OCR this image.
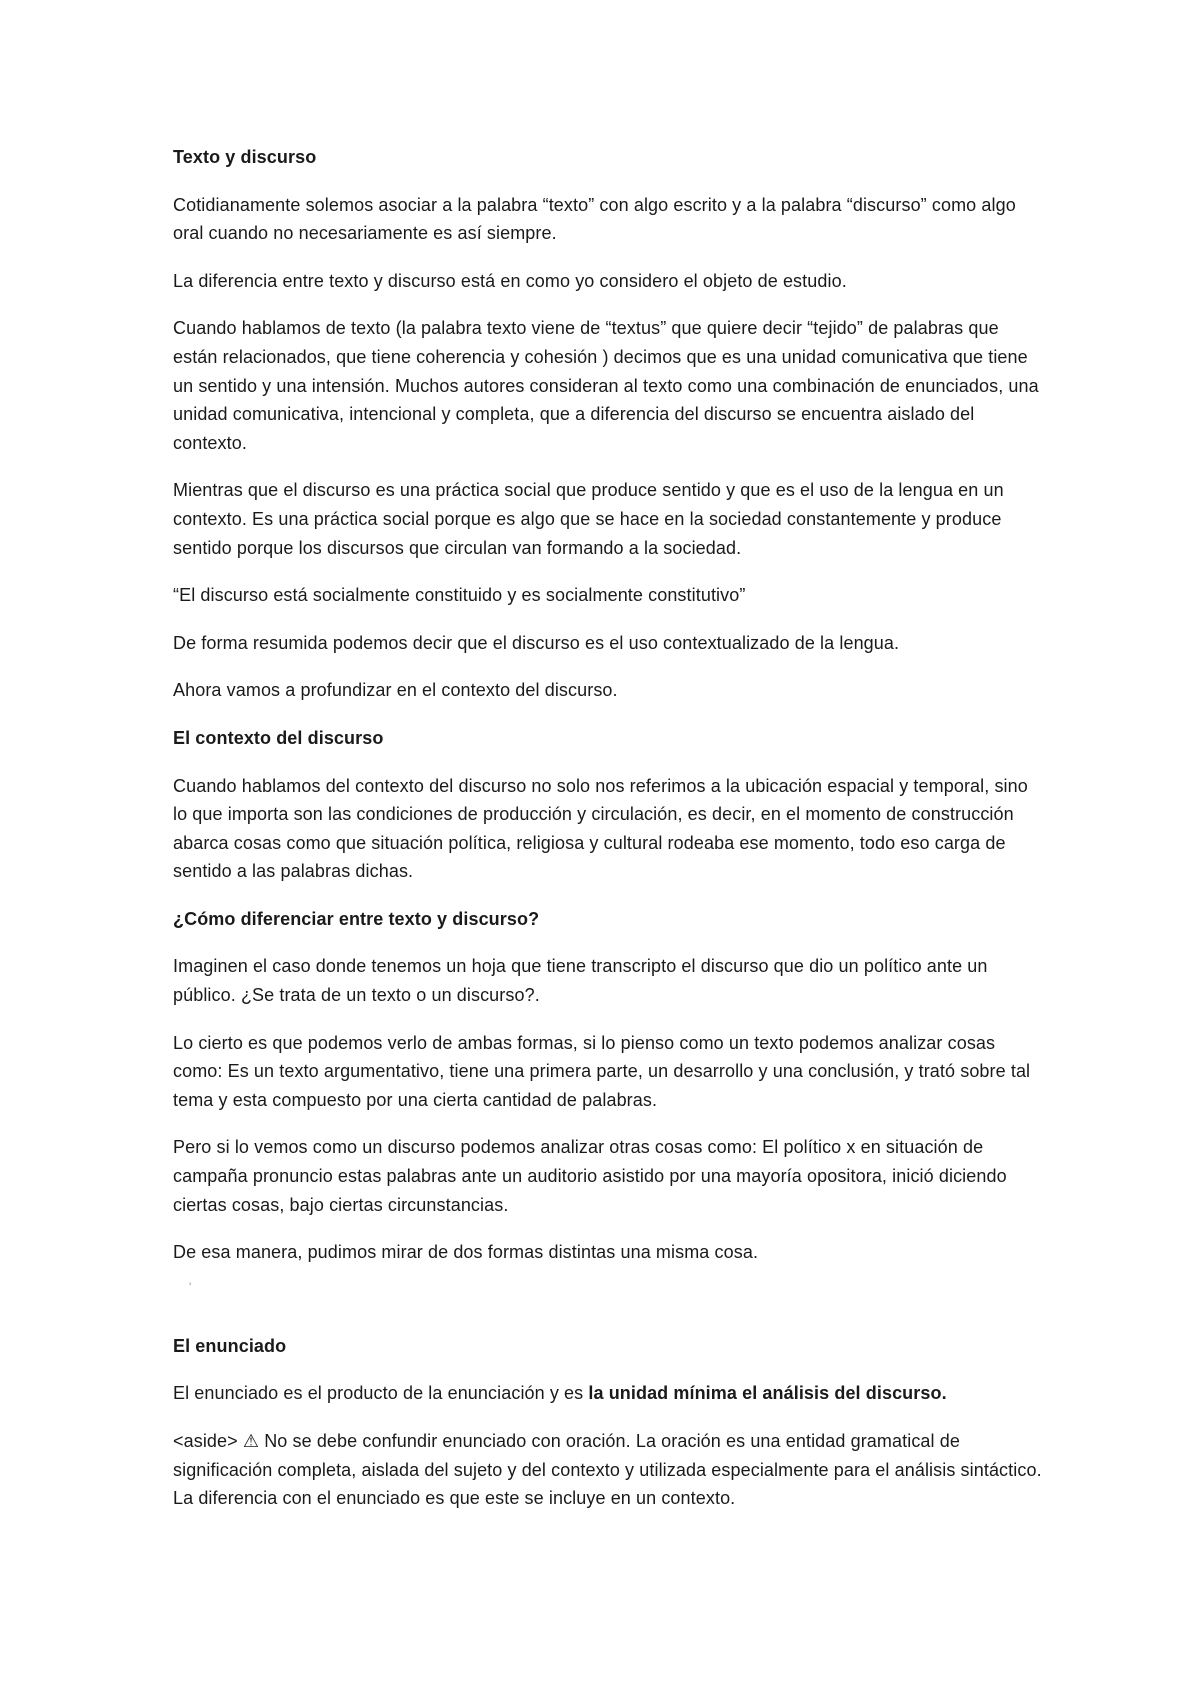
Texto y discurso

Cotidianamente solemos asociar a la palabra “texto” con algo escrito y a la palabra “discurso” como algo oral cuando no necesariamente es así siempre.

La diferencia entre texto y discurso está en como yo considero el objeto de estudio.

Cuando hablamos de texto (la palabra texto viene de “textus” que quiere decir “tejido” de palabras que están relacionados, que tiene coherencia y cohesión ) decimos que es una unidad comunicativa que tiene un sentido y una intensión. Muchos autores consideran al texto como una combinación de enunciados, una unidad comunicativa, intencional y completa, que a diferencia del discurso se encuentra aislado del contexto.

Mientras que el discurso es una práctica social que produce sentido y que es el uso de la lengua en un contexto. Es una práctica social porque es algo que se hace en la sociedad constantemente y produce sentido porque los discursos que circulan van formando a la sociedad.

“El discurso está socialmente constituido y es socialmente constitutivo”

De forma resumida podemos decir que el discurso es el uso contextualizado de la lengua.

Ahora vamos a profundizar en el contexto del discurso.

El contexto del discurso

Cuando hablamos del contexto del discurso no solo nos referimos a la ubicación espacial y temporal, sino lo que importa son las condiciones de producción y circulación, es decir, en el momento de construcción abarca cosas como que situación política, religiosa y cultural rodeaba ese momento, todo eso carga de sentido a las palabras dichas.

¿Cómo diferenciar entre texto y discurso?

Imaginen el caso donde tenemos un hoja que tiene transcripto el discurso que dio un político ante un público. ¿Se trata de un texto o un discurso?.

Lo cierto es que podemos verlo de ambas formas, si lo pienso como un texto podemos analizar cosas como: Es un texto argumentativo, tiene una primera parte, un desarrollo y una conclusión, y trató sobre tal tema y esta compuesto por una cierta cantidad de palabras.

Pero si lo vemos como un discurso podemos analizar otras cosas como: El político x en situación de campaña pronuncio estas palabras ante un auditorio asistido por una mayoría opositora, inició diciendo ciertas cosas, bajo ciertas circunstancias.

De esa manera, pudimos mirar de dos formas distintas una misma cosa.

'
El enunciado

El enunciado es el producto de la enunciación y es la unidad mínima el análisis del discurso.

<aside> ⚠ No se debe confundir enunciado con oración. La oración es una entidad gramatical de significación completa, aislada del sujeto y del contexto y utilizada especialmente para el análisis sintáctico. La diferencia con el enunciado es que este se incluye en un contexto.
